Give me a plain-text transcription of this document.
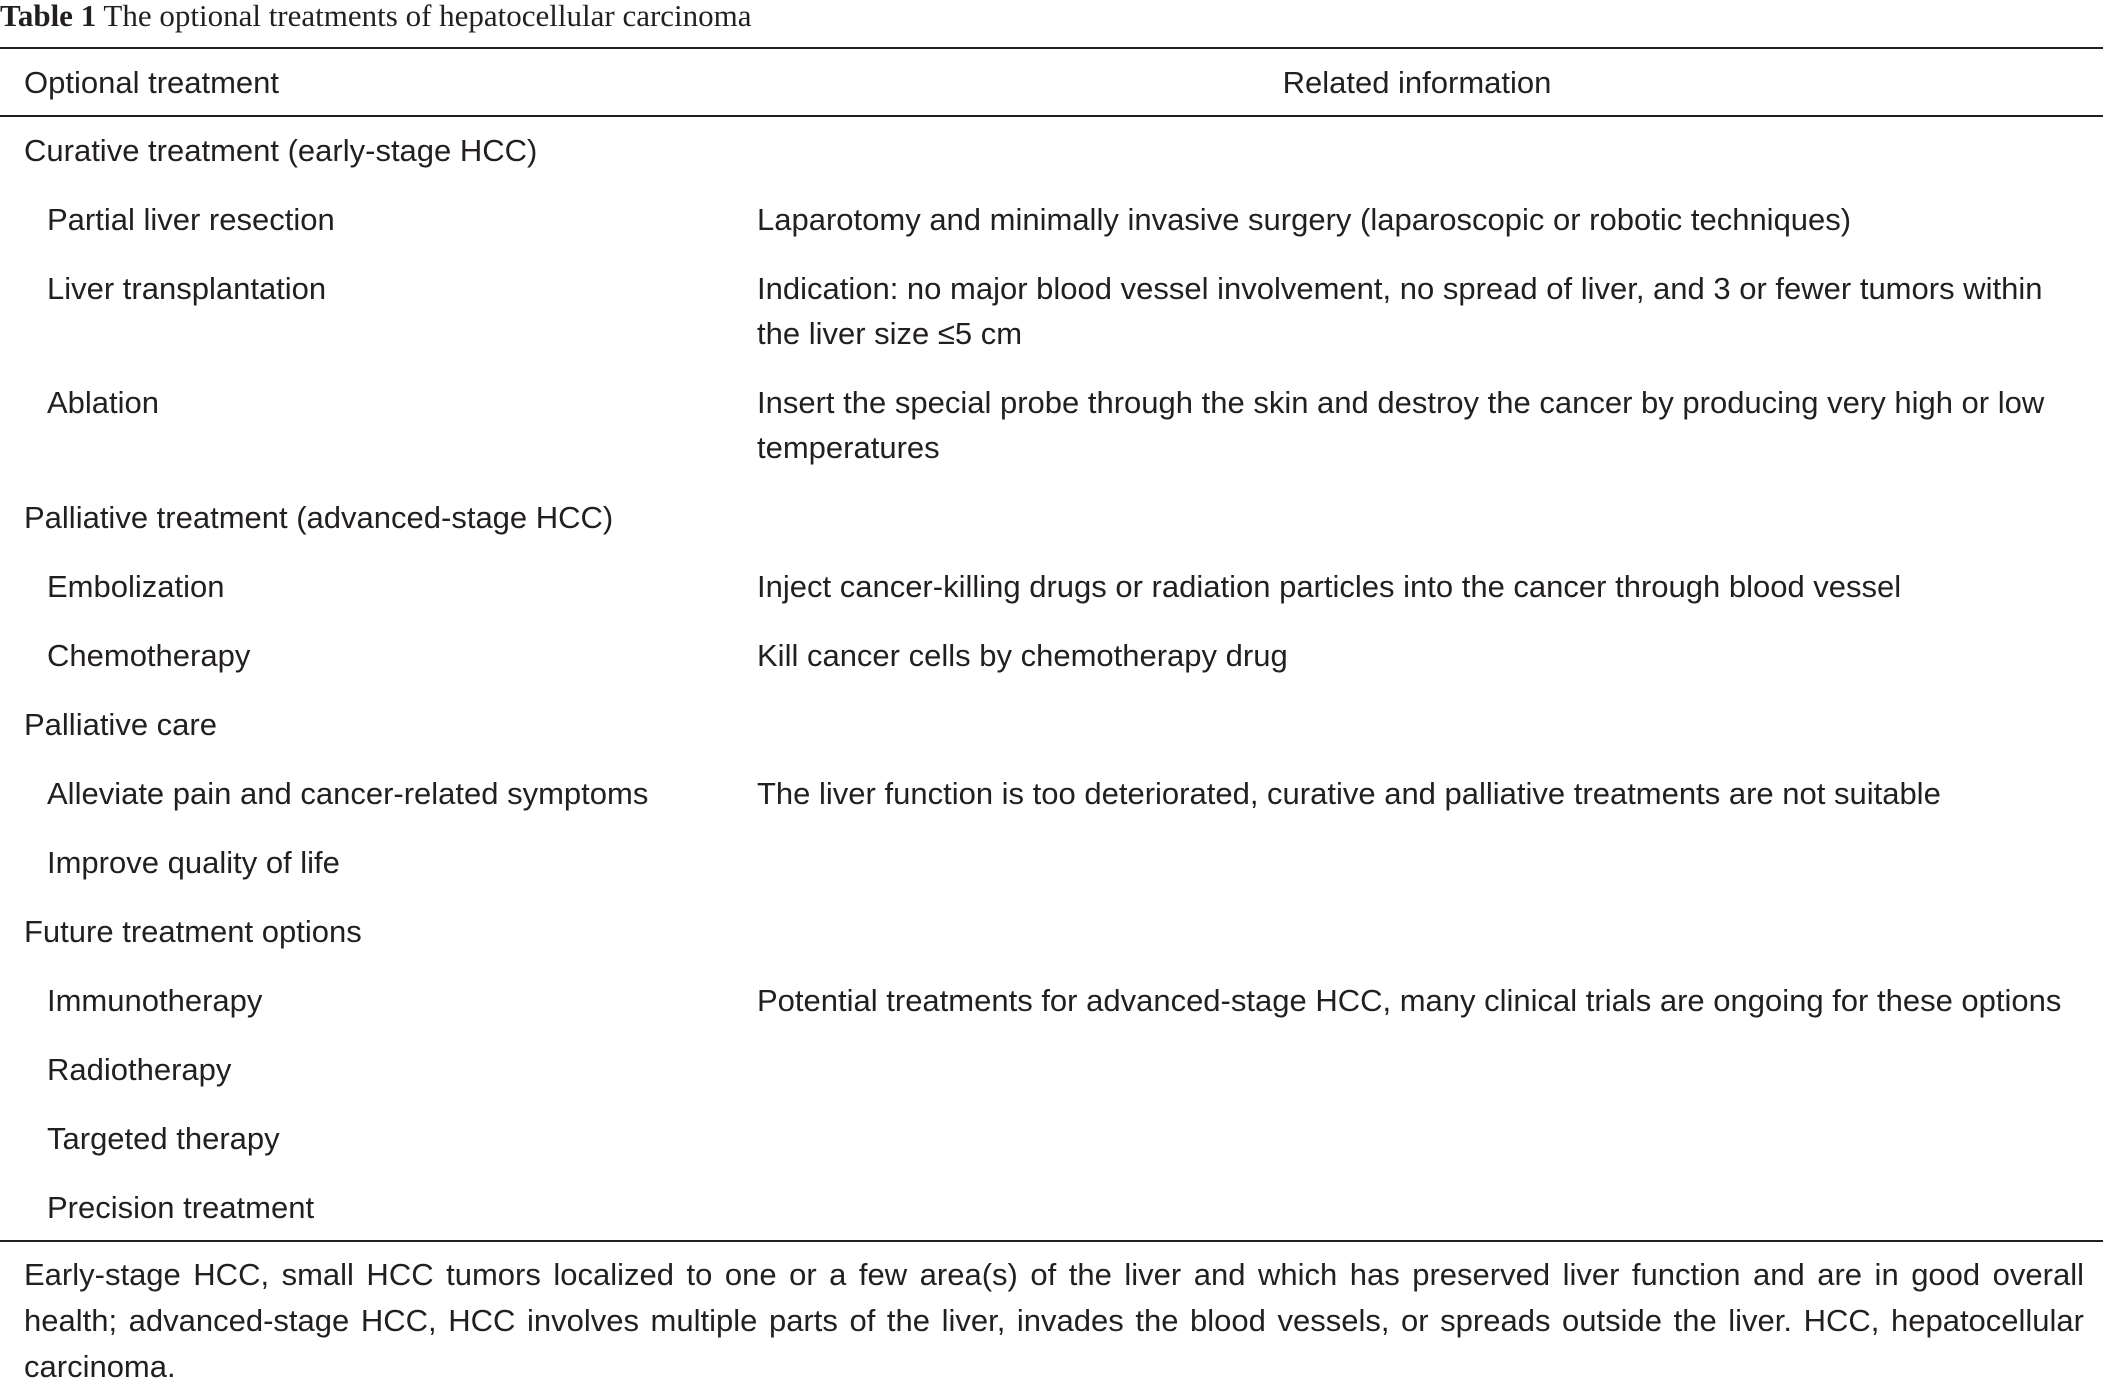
Table 1 The optional treatments of hepatocellular carcinoma
Optional treatment	Related information
Curative treatment (early-stage HCC)
Partial liver resection	Laparotomy and minimally invasive surgery (laparoscopic or robotic techniques)
Liver transplantation	Indication: no major blood vessel involvement, no spread of liver, and 3 or fewer tumors within the liver size ≤5 cm
Ablation	Insert the special probe through the skin and destroy the cancer by producing very high or low temperatures
Palliative treatment (advanced-stage HCC)
Embolization	Inject cancer-killing drugs or radiation particles into the cancer through blood vessel
Chemotherapy	Kill cancer cells by chemotherapy drug
Palliative care
Alleviate pain and cancer-related symptoms	The liver function is too deteriorated, curative and palliative treatments are not suitable
Improve quality of life
Future treatment options
Immunotherapy	Potential treatments for advanced-stage HCC, many clinical trials are ongoing for these options
Radiotherapy
Targeted therapy
Precision treatment
Early-stage HCC, small HCC tumors localized to one or a few area(s) of the liver and which has preserved liver function and are in good overall health; advanced-stage HCC, HCC involves multiple parts of the liver, invades the blood vessels, or spreads outside the liver. HCC, hepatocellular carcinoma.
